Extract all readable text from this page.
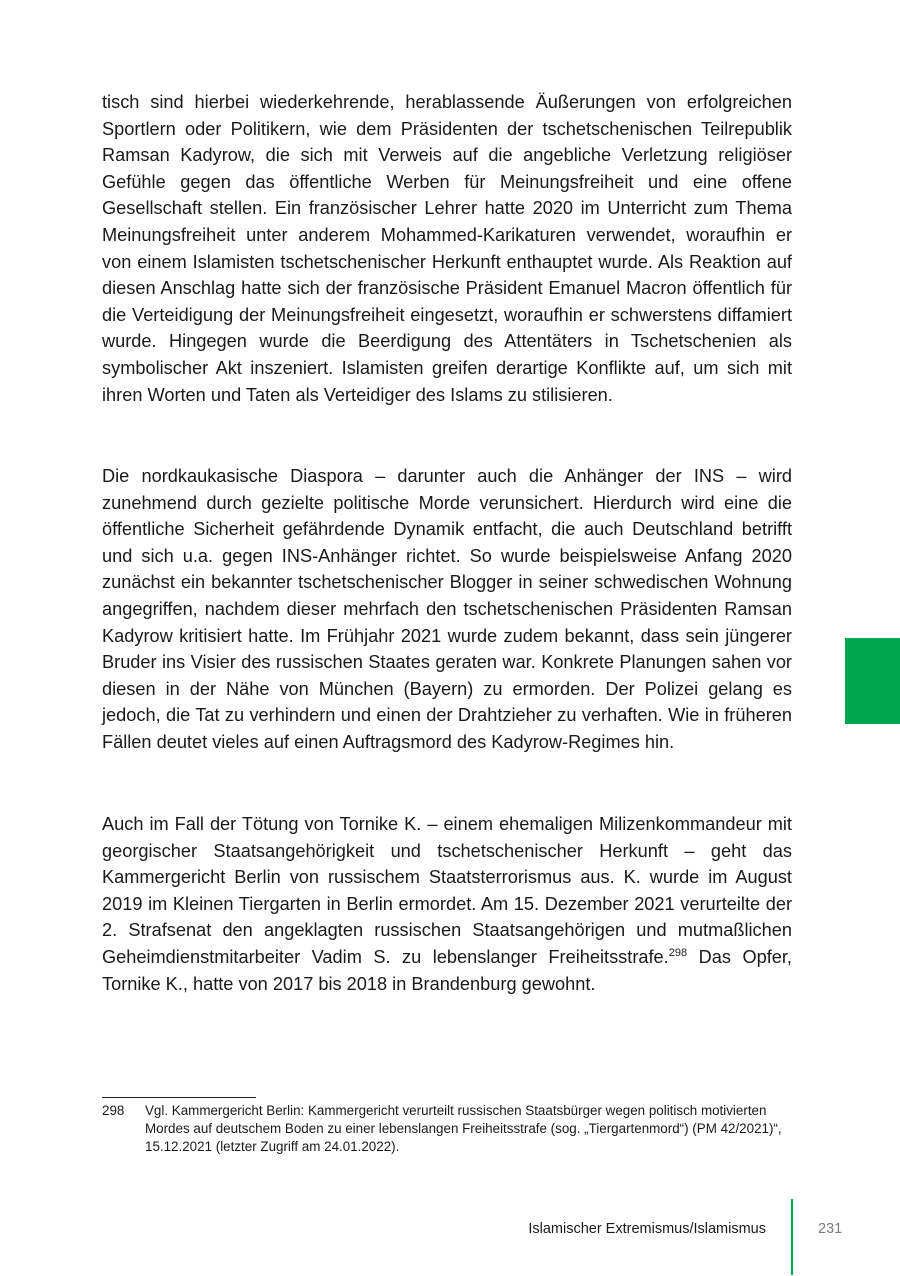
tisch sind hierbei wiederkehrende, herablassende Äußerungen von erfolgreichen Sportlern oder Politikern, wie dem Präsidenten der tschetschenischen Teilrepublik Ramsan Kadyrow, die sich mit Verweis auf die angebliche Verletzung religiöser Gefühle gegen das öffentliche Werben für Meinungsfreiheit und eine offene Gesellschaft stellen. Ein französischer Lehrer hatte 2020 im Unterricht zum Thema Meinungsfreiheit unter anderem Mohammed-Karikaturen verwendet, woraufhin er von einem Islamisten tschetschenischer Herkunft enthauptet wurde. Als Reaktion auf diesen Anschlag hatte sich der französische Präsident Emanuel Macron öffentlich für die Verteidigung der Meinungsfreiheit eingesetzt, woraufhin er schwerstens diffamiert wurde. Hingegen wurde die Beerdigung des Attentäters in Tschetschenien als symbolischer Akt inszeniert. Islamisten greifen derartige Konflikte auf, um sich mit ihren Worten und Taten als Verteidiger des Islams zu stilisieren.

Die nordkaukasische Diaspora – darunter auch die Anhänger der INS – wird zunehmend durch gezielte politische Morde verunsichert. Hierdurch wird eine die öffentliche Sicherheit gefährdende Dynamik entfacht, die auch Deutschland betrifft und sich u.a. gegen INS-Anhänger richtet. So wurde beispielsweise Anfang 2020 zunächst ein bekannter tschetschenischer Blogger in seiner schwedischen Wohnung angegriffen, nachdem dieser mehrfach den tschetschenischen Präsidenten Ramsan Kadyrow kritisiert hatte. Im Frühjahr 2021 wurde zudem bekannt, dass sein jüngerer Bruder ins Visier des russischen Staates geraten war. Konkrete Planungen sahen vor diesen in der Nähe von München (Bayern) zu ermorden. Der Polizei gelang es jedoch, die Tat zu verhindern und einen der Drahtzieher zu verhaften. Wie in früheren Fällen deutet vieles auf einen Auftragsmord des Kadyrow-Regimes hin.

Auch im Fall der Tötung von Tornike K. – einem ehemaligen Milizenkommandeur mit georgischer Staatsangehörigkeit und tschetschenischer Herkunft – geht das Kammergericht Berlin von russischem Staatsterrorismus aus. K. wurde im August 2019 im Kleinen Tiergarten in Berlin ermordet. Am 15. Dezember 2021 verurteilte der 2. Strafsenat den angeklagten russischen Staatsangehörigen und mutmaßlichen Geheimdienstmitarbeiter Vadim S. zu lebenslanger Freiheitsstrafe.$^{298}$ Das Opfer, Tornike K., hatte von 2017 bis 2018 in Brandenburg gewohnt.

298	Vgl. Kammergericht Berlin: Kammergericht verurteilt russischen Staatsbürger wegen politisch motivierten Mordes auf deutschem Boden zu einer lebenslangen Freiheitsstrafe (sog. „Tiergartenmord“) (PM 42/2021)“, 15.12.2021 (letzter Zugriff am 24.01.2022).
Islamischer Extremismus/Islamismus	231
